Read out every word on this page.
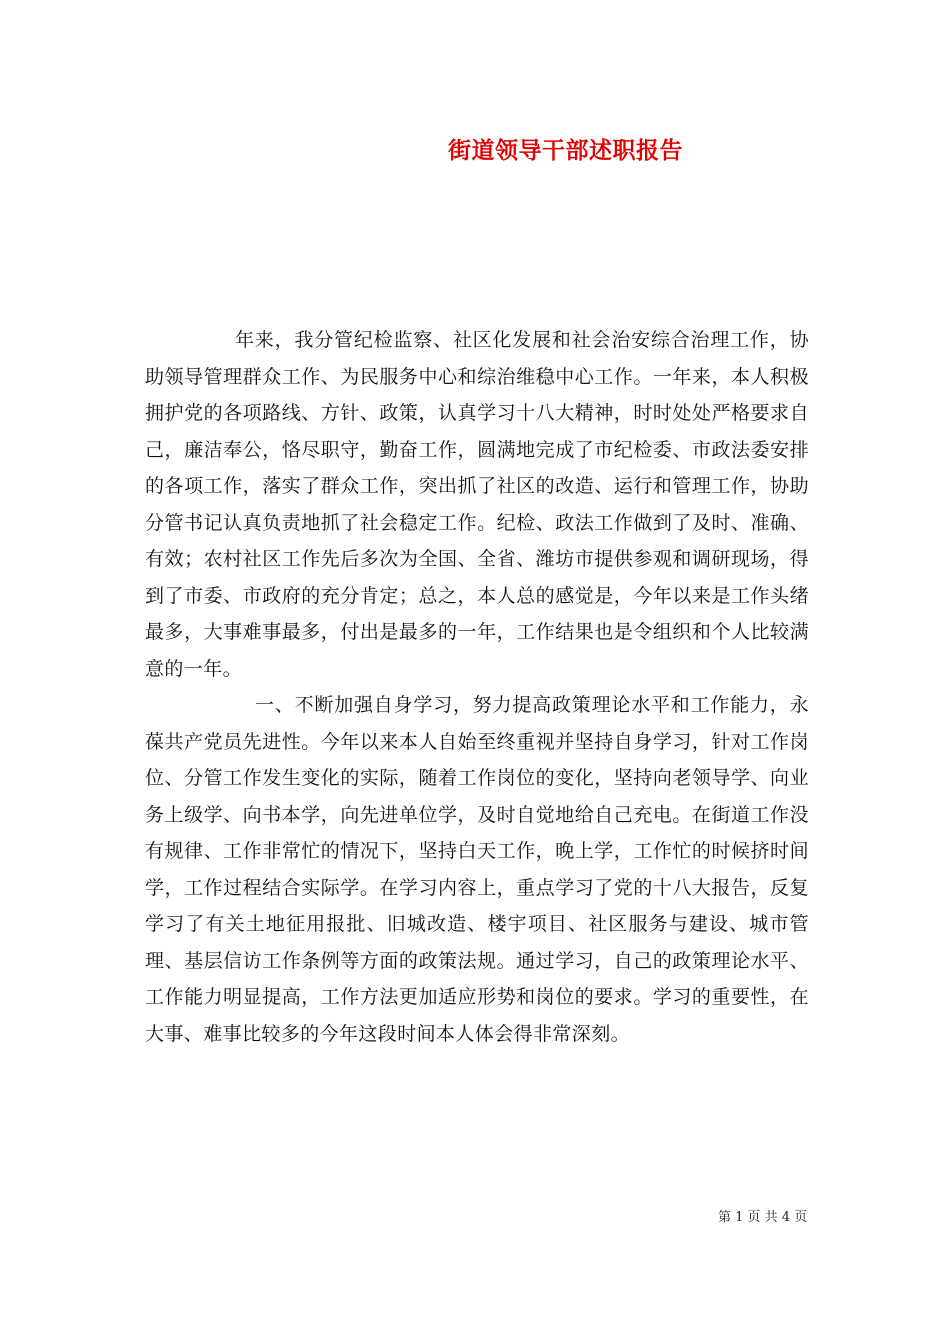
街道领导干部述职报告

年来，我分管纪检监察、社区化发展和社会治安综合治理工作，协助领导管理群众工作、为民服务中心和综治维稳中心工作。一年来，本人积极拥护党的各项路线、方针、政策，认真学习十八大精神，时时处处严格要求自己，廉洁奉公，恪尽职守，勤奋工作，圆满地完成了市纪检委、市政法委安排的各项工作，落实了群众工作，突出抓了社区的改造、运行和管理工作，协助分管书记认真负责地抓了社会稳定工作。纪检、政法工作做到了及时、准确、有效；农村社区工作先后多次为全国、全省、潍坊市提供参观和调研现场，得到了市委、市政府的充分肯定；总之，本人总的感觉是，今年以来是工作头绪最多，大事难事最多，付出是最多的一年，工作结果也是令组织和个人比较满意的一年。

一、不断加强自身学习，努力提高政策理论水平和工作能力，永葆共产党员先进性。今年以来本人自始至终重视并坚持自身学习，针对工作岗位、分管工作发生变化的实际，随着工作岗位的变化，坚持向老领导学、向业务上级学、向书本学，向先进单位学，及时自觉地给自己充电。在街道工作没有规律、工作非常忙的情况下，坚持白天工作，晚上学，工作忙的时候挤时间学，工作过程结合实际学。在学习内容上，重点学习了党的十八大报告，反复学习了有关土地征用报批、旧城改造、楼宇项目、社区服务与建设、城市管理、基层信访工作条例等方面的政策法规。通过学习，自己的政策理论水平、工作能力明显提高，工作方法更加适应形势和岗位的要求。学习的重要性，在大事、难事比较多的今年这段时间本人体会得非常深刻。

第 1 页 共 4 页
